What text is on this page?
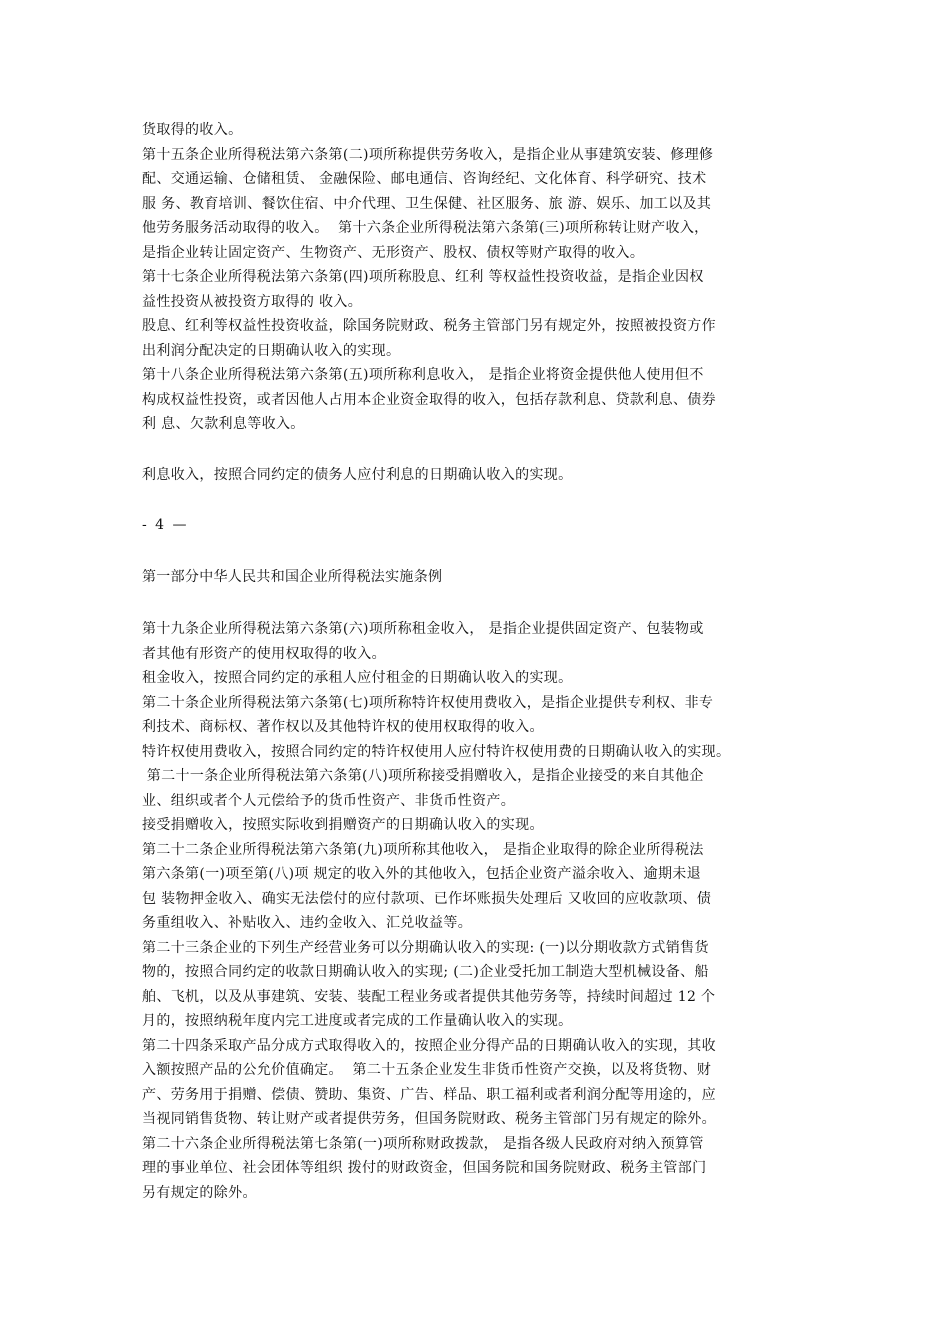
货取得的收入。
第十五条企业所得税法第六条第(二)项所称提供劳务收入，是指企业从事建筑安装、修理修
配、交通运输、仓储租赁、 金融保险、邮电通信、咨询经纪、文化体育、科学研究、技术
服 务、教育培训、餐饮住宿、中介代理、卫生保健、社区服务、旅 游、娱乐、加工以及其
他劳务服务活动取得的收入。  第十六条企业所得税法第六条第(三)项所称转让财产收入，
是指企业转让固定资产、生物资产、无形资产、股权、债权等财产取得的收入。
第十七条企业所得税法第六条第(四)项所称股息、红利 等权益性投资收益，是指企业因权
益性投资从被投资方取得的 收入。
股息、红利等权益性投资收益，除国务院财政、税务主管部门另有规定外，按照被投资方作
出利润分配决定的日期确认收入的实现。
第十八条企业所得税法第六条第(五)项所称利息收入， 是指企业将资金提供他人使用但不
构成权益性投资，或者因他人占用本企业资金取得的收入，包括存款利息、贷款利息、债券
利 息、欠款利息等收入。
利息收入，按照合同约定的债务人应付利息的日期确认收入的实现。
- 4 —
第一部分中华人民共和国企业所得税法实施条例
第十九条企业所得税法第六条第(六)项所称租金收入， 是指企业提供固定资产、包装物或
者其他有形资产的使用权取得的收入。
租金收入，按照合同约定的承租人应付租金的日期确认收入的实现。
第二十条企业所得税法第六条第(七)项所称特许权使用费收入，是指企业提供专利权、非专
利技术、商标权、著作权以及其他特许权的使用权取得的收入。
特许权使用费收入，按照合同约定的特许权使用人应付特许权使用费的日期确认收入的实现。
第二十一条企业所得税法第六条第(八)项所称接受捐赠收入，是指企业接受的来自其他企
业、组织或者个人元偿给予的货币性资产、非货币性资产。
接受捐赠收入，按照实际收到捐赠资产的日期确认收入的实现。
第二十二条企业所得税法第六条第(九)项所称其他收入， 是指企业取得的除企业所得税法
第六条第(一)项至第(八)项 规定的收入外的其他收入，包括企业资产溢余收入、逾期未退
包 装物押金收入、确实无法偿付的应付款项、已作坏账损失处理后 又收回的应收款项、债
务重组收入、补贴收入、违约金收入、汇兑收益等。
第二十三条企业的下列生产经营业务可以分期确认收入的实现: (一)以分期收款方式销售货
物的，按照合同约定的收款日期确认收入的实现; (二)企业受托加工制造大型机械设备、船
舶、飞机，以及从事建筑、安装、装配工程业务或者提供其他劳务等，持续时间超过 12 个
月的，按照纳税年度内完工进度或者完成的工作量确认收入的实现。
第二十四条采取产品分成方式取得收入的，按照企业分得产品的日期确认收入的实现，其收
入额按照产品的公允价值确定。  第二十五条企业发生非货币性资产交换，以及将货物、财
产、劳务用于捐赠、偿债、赞助、集资、广告、样品、职工福利或者利润分配等用途的，应
当视同销售货物、转让财产或者提供劳务，但国务院财政、税务主管部门另有规定的除外。
第二十六条企业所得税法第七条第(一)项所称财政拨款， 是指各级人民政府对纳入预算管
理的事业单位、社会团体等组织 拨付的财政资金，但国务院和国务院财政、税务主管部门
另有规定的除外。
